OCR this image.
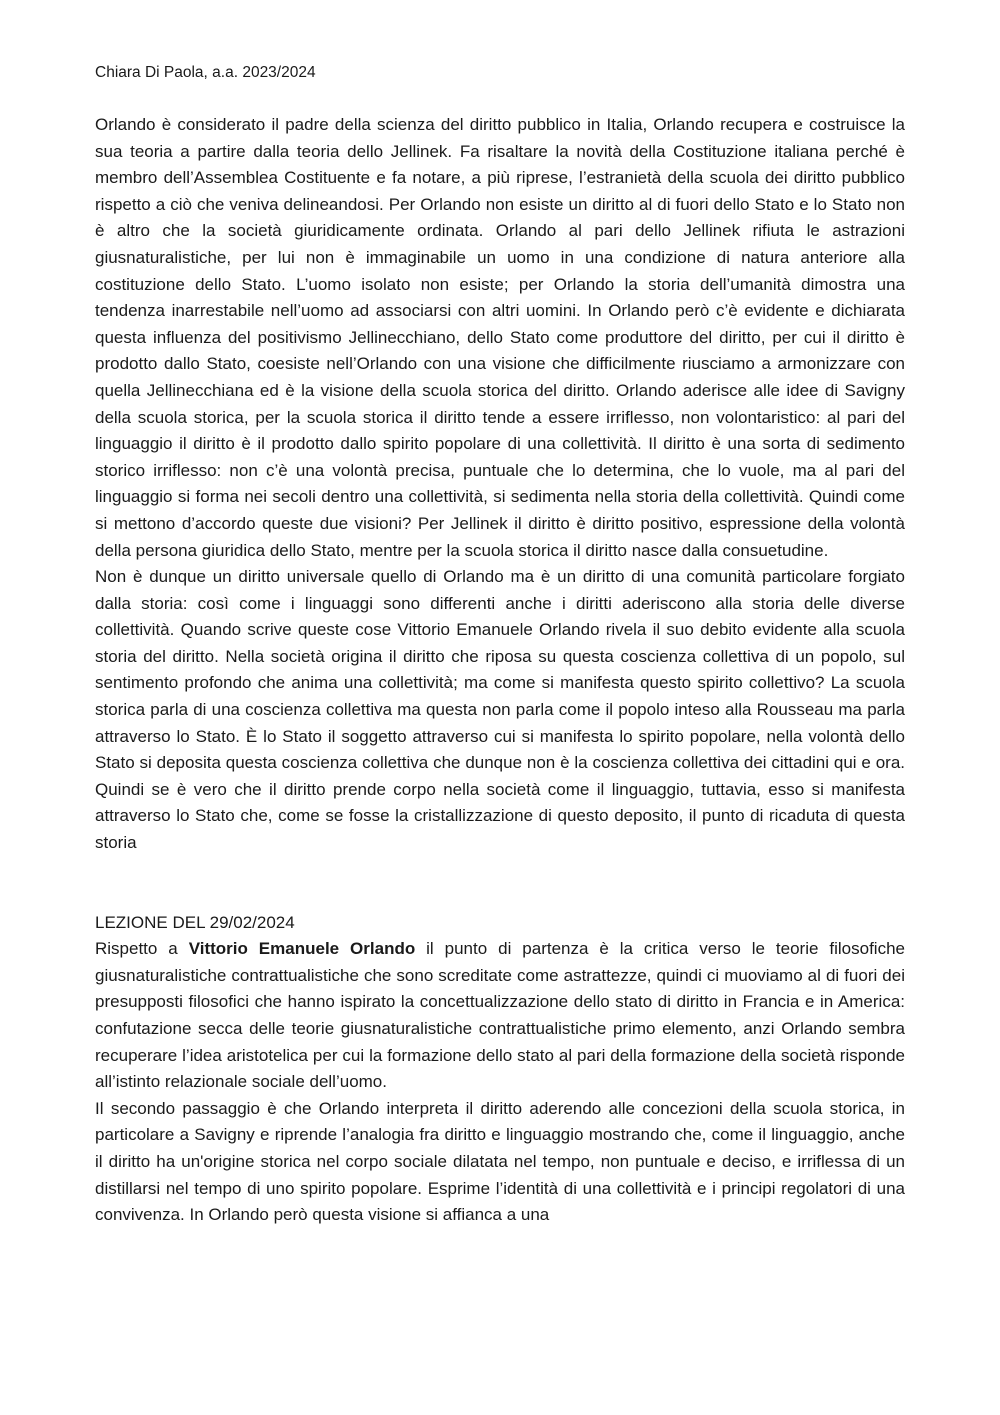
Chiara Di Paola, a.a. 2023/2024

Orlando è considerato il padre della scienza del diritto pubblico in Italia, Orlando recupera e costruisce la sua teoria a partire dalla teoria dello Jellinek. Fa risaltare la novità della Costituzione italiana perché è membro dell’Assemblea Costituente e fa notare, a più riprese, l’estranietà della scuola dei diritto pubblico rispetto a ciò che veniva delineandosi. Per Orlando non esiste un diritto al di fuori dello Stato e lo Stato non è altro che la società giuridicamente ordinata. Orlando al pari dello Jellinek rifiuta le astrazioni giusnaturalistiche, per lui non è immaginabile un uomo in una condizione di natura anteriore alla costituzione dello Stato. L’uomo isolato non esiste; per Orlando la storia dell’umanità dimostra una tendenza inarrestabile nell’uomo ad associarsi con altri uomini. In Orlando però c’è evidente e dichiarata questa influenza del positivismo Jellinecchiano, dello Stato come produttore del diritto, per cui il diritto è prodotto dallo Stato, coesiste nell’Orlando con una visione che difficilmente riusciamo a armonizzare con quella Jellinecchiana ed è la visione della scuola storica del diritto. Orlando aderisce alle idee di Savigny della scuola storica, per la scuola storica il diritto tende a essere irriflesso, non volontaristico: al pari del linguaggio il diritto è il prodotto dallo spirito popolare di una collettività. Il diritto è una sorta di sedimento storico irriflesso: non c’è una volontà precisa, puntuale che lo determina, che lo vuole, ma al pari del linguaggio si forma nei secoli dentro una collettività, si sedimenta nella storia della collettività. Quindi come si mettono d’accordo queste due visioni? Per Jellinek il diritto è diritto positivo, espressione della volontà della persona giuridica dello Stato, mentre per la scuola storica il diritto nasce dalla consuetudine.

Non è dunque un diritto universale quello di Orlando ma è un diritto di una comunità particolare forgiato dalla storia: così come i linguaggi sono differenti anche i diritti aderiscono alla storia delle diverse collettività. Quando scrive queste cose Vittorio Emanuele Orlando rivela il suo debito evidente alla scuola storia del diritto. Nella società origina il diritto che riposa su questa coscienza collettiva di un popolo, sul sentimento profondo che anima una collettività; ma come si manifesta questo spirito collettivo? La scuola storica parla di una coscienza collettiva ma questa non parla come il popolo inteso alla Rousseau ma parla attraverso lo Stato. È lo Stato il soggetto attraverso cui si manifesta lo spirito popolare, nella volontà dello Stato si deposita questa coscienza collettiva che dunque non è la coscienza collettiva dei cittadini qui e ora. Quindi se è vero che il diritto prende corpo nella società come il linguaggio, tuttavia, esso si manifesta attraverso lo Stato che, come se fosse la cristallizzazione di questo deposito, il punto di ricaduta di questa storia

LEZIONE DEL 29/02/2024

Rispetto a Vittorio Emanuele Orlando il punto di partenza è la critica verso le teorie filosofiche giusnaturalistiche contrattualistiche che sono screditate come astrattezze, quindi ci muoviamo al di fuori dei presupposti filosofici che hanno ispirato la concettualizzazione dello stato di diritto in Francia e in America: confutazione secca delle teorie giusnaturalistiche contrattualistiche primo elemento, anzi Orlando sembra recuperare l’idea aristotelica per cui la formazione dello stato al pari della formazione della società risponde all’istinto relazionale sociale dell’uomo.

Il secondo passaggio è che Orlando interpreta il diritto aderendo alle concezioni della scuola storica, in particolare a Savigny e riprende l’analogia fra diritto e linguaggio mostrando che, come il linguaggio, anche il diritto ha un'origine storica nel corpo sociale dilatata nel tempo, non puntuale e deciso, e irriflessa di un distillarsi nel tempo di uno spirito popolare. Esprime l’identità di una collettività e i principi regolatori di una convivenza. In Orlando però questa visione si affianca a una
